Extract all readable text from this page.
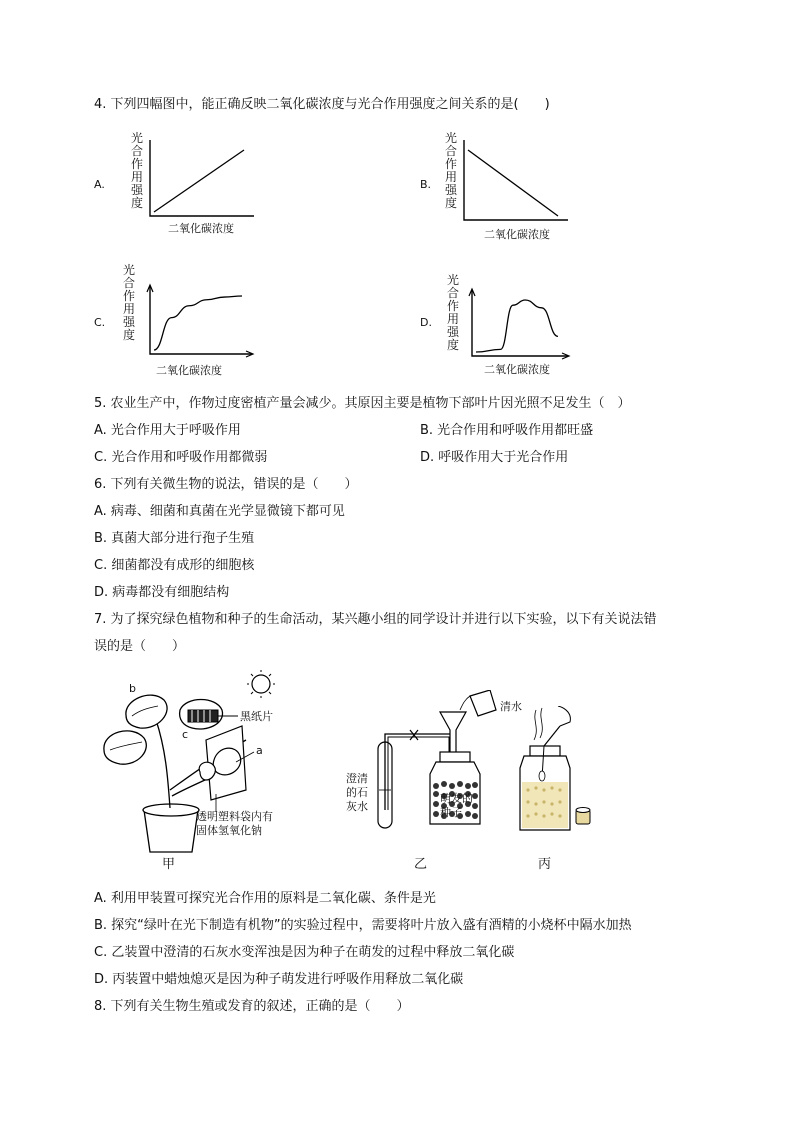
4. 下列四幅图中，能正确反映二氧化碳浓度与光合作用强度之间关系的是(　　)
A.
光
合
作
用
强
度
二氧化碳浓度
B.
光
合
作
用
强
度
二氧化碳浓度
C.
光
合
作
用
强
度
二氧化碳浓度
D.
光
合
作
用
强
度
二氧化碳浓度
5. 农业生产中，作物过度密植产量会减少。其原因主要是植物下部叶片因光照不足发生（　）
A. 光合作用大于呼吸作用	B. 光合作用和呼吸作用都旺盛
C. 光合作用和呼吸作用都微弱	D. 呼吸作用大于光合作用
6. 下列有关微生物的说法，错误的是（　　）
A. 病毒、细菌和真菌在光学显微镜下都可见
B. 真菌大部分进行孢子生殖
C. 细菌都没有成形的细胞核
D. 病毒都没有细胞结构
7. 为了探究绿色植物和种子的生命活动，某兴趣小组的同学设计并进行以下实验，以下有关说法错
误的是（　　）
b
c
a
黑纸片
透明塑料袋内有
固体氢氧化钠
甲
清水
澄清
的石
灰水
乙
萌发的
种子
丙
A. 利用甲装置可探究光合作用的原料是二氧化碳、条件是光
B. 探究“绿叶在光下制造有机物”的实验过程中，需要将叶片放入盛有酒精的小烧杯中隔水加热
C. 乙装置中澄清的石灰水变浑浊是因为种子在萌发的过程中释放二氧化碳
D. 丙装置中蜡烛熄灭是因为种子萌发进行呼吸作用释放二氧化碳
8. 下列有关生物生殖或发育的叙述，正确的是（　　）
